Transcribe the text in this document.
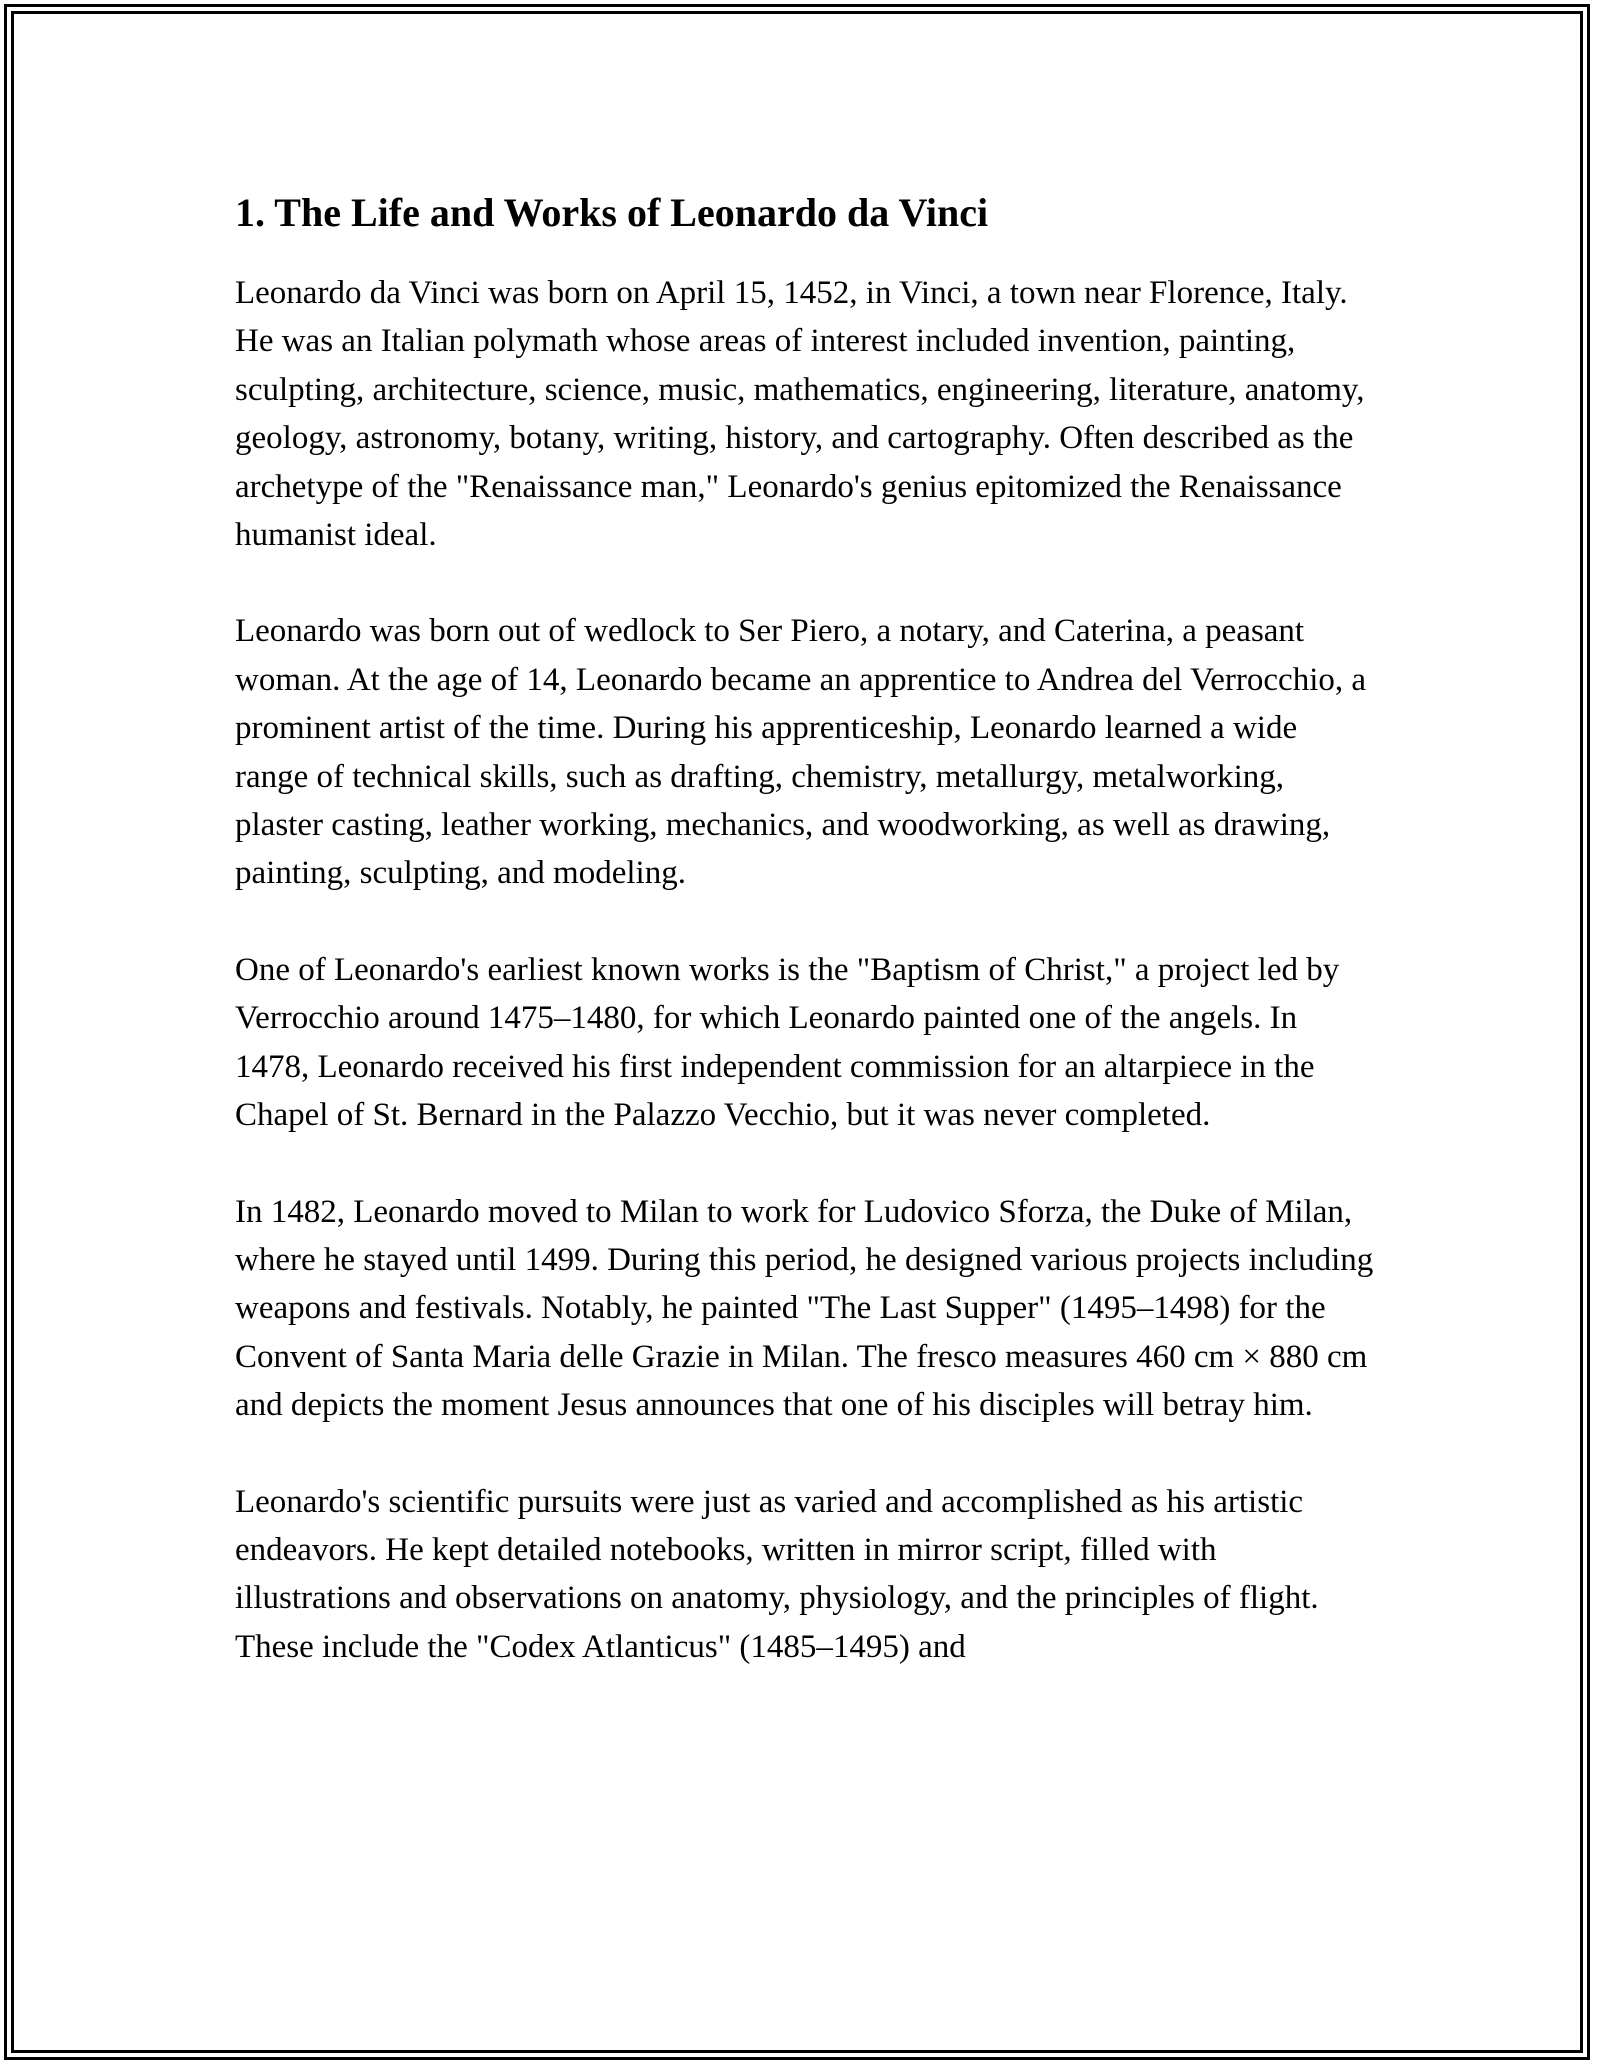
1. The Life and Works of Leonardo da Vinci

Leonardo da Vinci was born on April 15, 1452, in Vinci, a town near Florence, Italy. He was an Italian polymath whose areas of interest included invention, painting, sculpting, architecture, science, music, mathematics, engineering, literature, anatomy, geology, astronomy, botany, writing, history, and cartography. Often described as the archetype of the "Renaissance man," Leonardo's genius epitomized the Renaissance humanist ideal.

Leonardo was born out of wedlock to Ser Piero, a notary, and Caterina, a peasant woman. At the age of 14, Leonardo became an apprentice to Andrea del Verrocchio, a prominent artist of the time. During his apprenticeship, Leonardo learned a wide range of technical skills, such as drafting, chemistry, metallurgy, metalworking, plaster casting, leather working, mechanics, and woodworking, as well as drawing, painting, sculpting, and modeling.

One of Leonardo's earliest known works is the "Baptism of Christ," a project led by Verrocchio around 1475–1480, for which Leonardo painted one of the angels. In 1478, Leonardo received his first independent commission for an altarpiece in the Chapel of St. Bernard in the Palazzo Vecchio, but it was never completed.

In 1482, Leonardo moved to Milan to work for Ludovico Sforza, the Duke of Milan, where he stayed until 1499. During this period, he designed various projects including weapons and festivals. Notably, he painted "The Last Supper" (1495–1498) for the Convent of Santa Maria delle Grazie in Milan. The fresco measures 460 cm × 880 cm and depicts the moment Jesus announces that one of his disciples will betray him.

Leonardo's scientific pursuits were just as varied and accomplished as his artistic endeavors. He kept detailed notebooks, written in mirror script, filled with illustrations and observations on anatomy, physiology, and the principles of flight. These include the "Codex Atlanticus" (1485–1495) and
